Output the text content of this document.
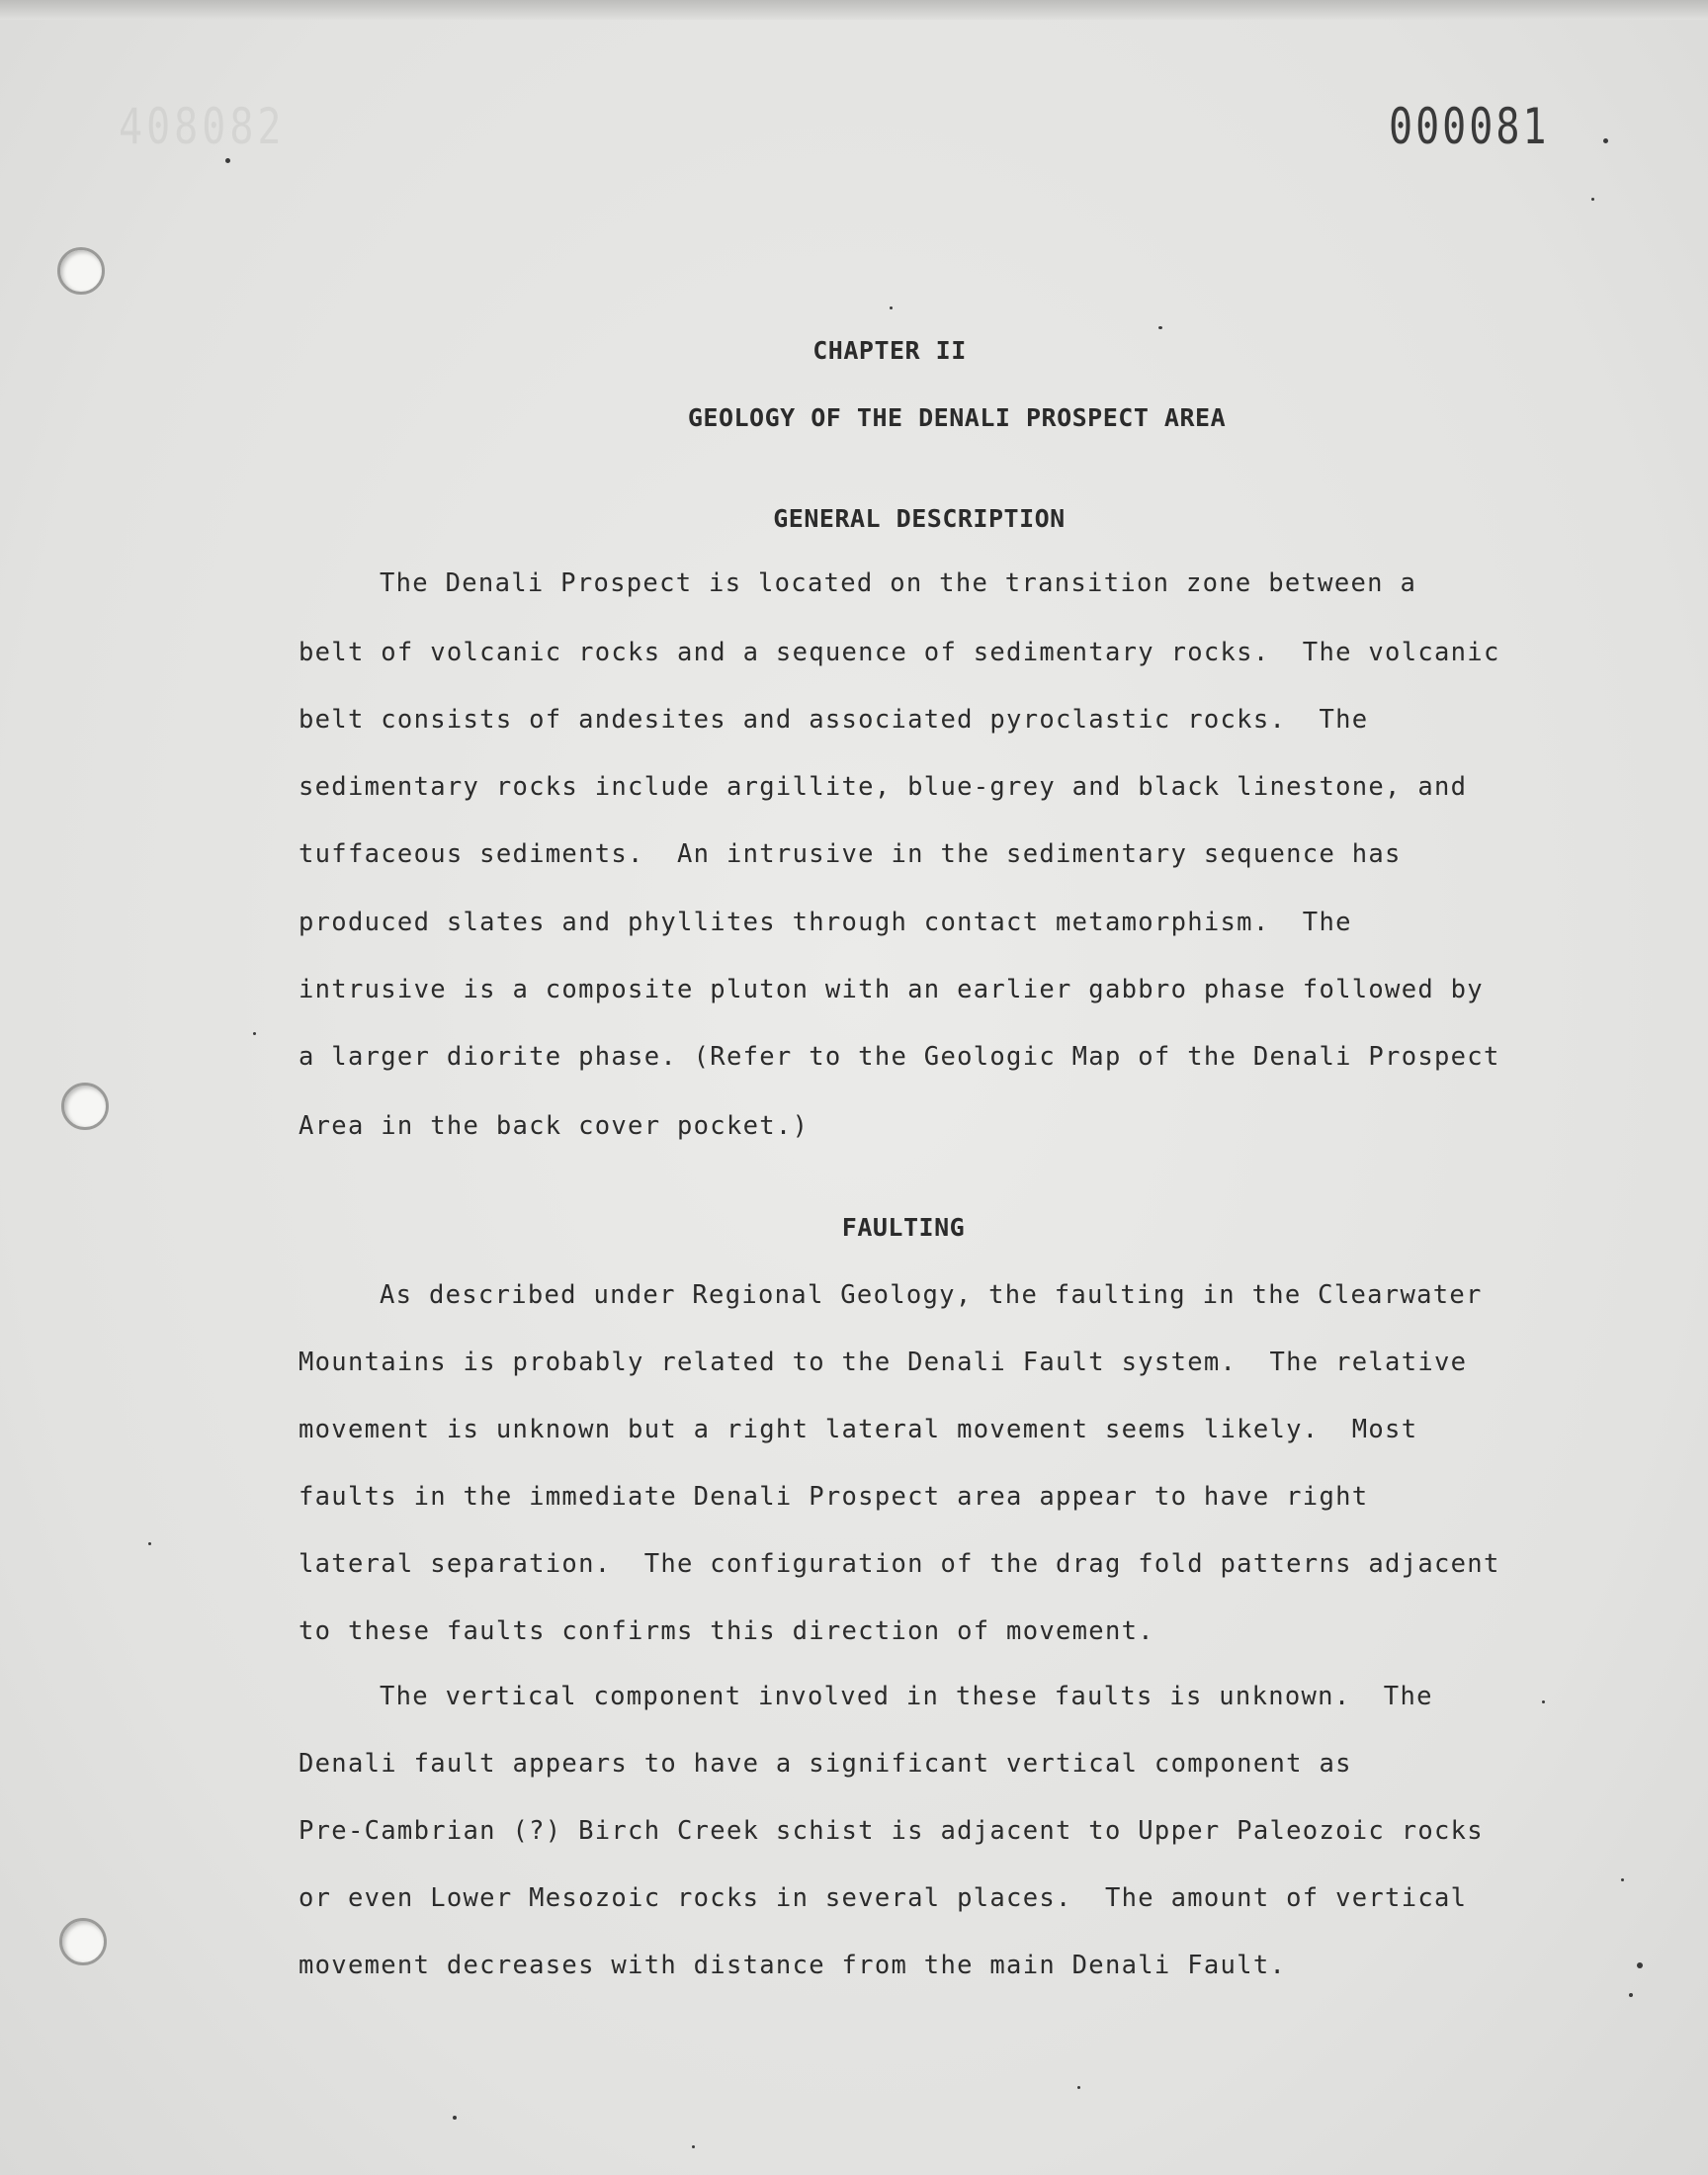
408082	000081
CHAPTER II
GEOLOGY OF THE DENALI PROSPECT AREA
GENERAL DESCRIPTION
The Denali Prospect is located on the transition zone between a
belt of volcanic rocks and a sequence of sedimentary rocks.  The volcanic
belt consists of andesites and associated pyroclastic rocks.  The
sedimentary rocks include argillite, blue-grey and black linestone, and
tuffaceous sediments.  An intrusive in the sedimentary sequence has
produced slates and phyllites through contact metamorphism.  The
intrusive is a composite pluton with an earlier gabbro phase followed by
a larger diorite phase. (Refer to the Geologic Map of the Denali Prospect
Area in the back cover pocket.)
FAULTING
As described under Regional Geology, the faulting in the Clearwater
Mountains is probably related to the Denali Fault system.  The relative
movement is unknown but a right lateral movement seems likely.  Most
faults in the immediate Denali Prospect area appear to have right
lateral separation.  The configuration of the drag fold patterns adjacent
to these faults confirms this direction of movement.
The vertical component involved in these faults is unknown.  The
Denali fault appears to have a significant vertical component as
Pre-Cambrian (?) Birch Creek schist is adjacent to Upper Paleozoic rocks
or even Lower Mesozoic rocks in several places.  The amount of vertical
movement decreases with distance from the main Denali Fault.
